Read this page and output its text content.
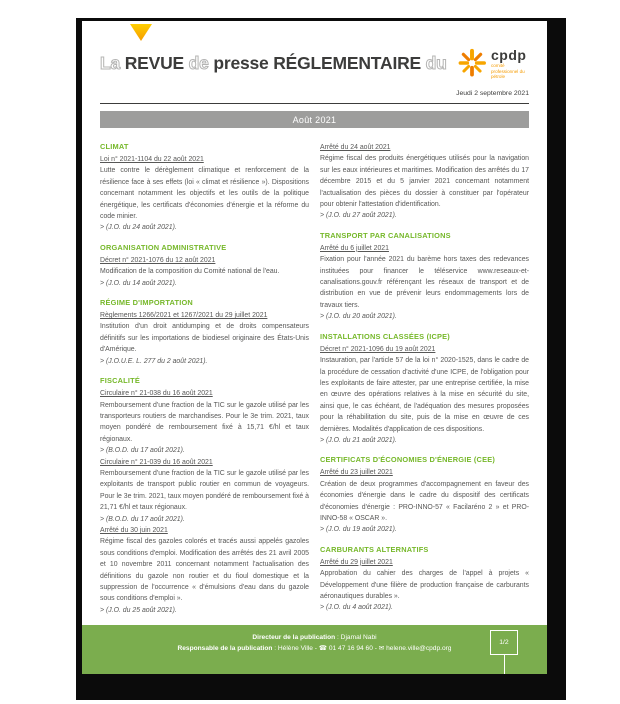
La REVUE de presse RÉGLEMENTAIRE du	cpdp
comité professionnel du pétrole
Jeudi 2 septembre 2021
Août 2021
CLIMAT

Loi n° 2021-1104 du 22 août 2021

Lutte contre le dérèglement climatique et renforcement de la résilience face à ses effets (loi « climat et résilience »). Dispositions concernant notamment les objectifs et les outils de la politique énergétique, les certificats d'économies d'énergie et la réforme du code minier.

> (J.O. du 24 août 2021).

ORGANISATION ADMINISTRATIVE

Décret n° 2021-1076 du 12 août 2021

Modification de la composition du Comité national de l'eau.

> (J.O. du 14 août 2021).

RÉGIME D'IMPORTATION

Règlements 1266/2021 et 1267/2021 du 29 juillet 2021

Institution d'un droit antidumping et de droits compensateurs définitifs sur les importations de biodiesel originaire des États-Unis d'Amérique.

> (J.O.U.E. L. 277 du 2 août 2021).

FISCALITÉ

Circulaire n° 21-038 du 16 août 2021

Remboursement d'une fraction de la TIC sur le gazole utilisé par les transporteurs routiers de marchandises. Pour le 3e trim. 2021, taux moyen pondéré de remboursement fixé à 15,71 €/hl et taux régionaux.

> (B.O.D. du 17 août 2021).

Circulaire n° 21-039 du 16 août 2021

Remboursement d'une fraction de la TIC sur le gazole utilisé par les exploitants de transport public routier en commun de voyageurs. Pour le 3e trim. 2021, taux moyen pondéré de remboursement fixé à 21,71 €/hl et taux régionaux.

> (B.O.D. du 17 août 2021).

Arrêté du 30 juin 2021

Régime fiscal des gazoles colorés et tracés aussi appelés gazoles sous conditions d'emploi. Modification des arrêtés des 21 avril 2005 et 10 novembre 2011 concernant notamment l'actualisation des définitions du gazole non routier et du fioul domestique et la suppression de l'occurrence « d'émulsions d'eau dans du gazole sous conditions d'emploi ».

> (J.O. du 25 août 2021).

Arrêté du 24 août 2021

Régime fiscal des produits énergétiques utilisés pour la navigation sur les eaux intérieures et maritimes. Modification des arrêtés du 17 décembre 2015 et du 5 janvier 2021 concernant notamment l'actualisation des pièces du dossier à constituer par l'opérateur pour obtenir l'attestation d'identification.

> (J.O. du 27 août 2021).

TRANSPORT PAR CANALISATIONS

Arrêté du 6 juillet 2021

Fixation pour l'année 2021 du barème hors taxes des redevances instituées pour financer le téléservice www.reseaux-et-canalisations.gouv.fr référençant les réseaux de transport et de distribution en vue de prévenir leurs endommagements lors de travaux tiers.

> (J.O. du 20 août 2021).

INSTALLATIONS CLASSÉES (ICPE)

Décret n° 2021-1096 du 19 août 2021

Instauration, par l'article 57 de la loi n° 2020-1525, dans le cadre de la procédure de cessation d'activité d'une ICPE, de l'obligation pour les exploitants de faire attester, par une entreprise certifiée, la mise en œuvre des opérations relatives à la mise en sécurité du site, ainsi que, le cas échéant, de l'adéquation des mesures proposées pour la réhabilitation du site, puis de la mise en œuvre de ces dernières. Modalités d'application de ces dispositions.

> (J.O. du 21 août 2021).

CERTIFICATS D'ÉCONOMIES D'ÉNERGIE (CEE)

Arrêté du 23 juillet 2021

Création de deux programmes d'accompagnement en faveur des économies d'énergie dans le cadre du dispositif des certificats d'économies d'énergie : PRO-INNO-57 « Facilaréno 2 » et PRO-INNO-58 « OSCAR ».

> (J.O. du 19 août 2021).

CARBURANTS ALTERNATIFS

Arrêté du 29 juillet 2021

Approbation du cahier des charges de l'appel à projets « Développement d'une filière de production française de carburants aéronautiques durables ».

> (J.O. du 4 août 2021).

Directeur de la publication : Djamal Nabi
Responsable de la publication : Hélène Ville - ☎ 01 47 16 94 60 - ✉ helene.ville@cpdp.org
1/2
